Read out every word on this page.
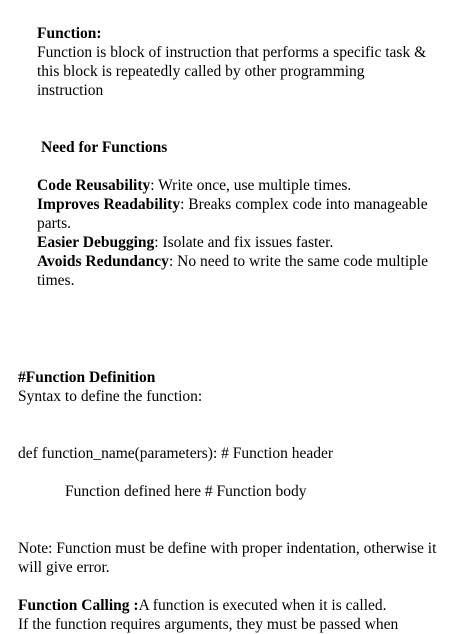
Function:
Function is block of instruction that performs a specific task &
this block is repeatedly called by other programming
instruction
Need for Functions
Code Reusability: Write once, use multiple times.
Improves Readability: Breaks complex code into manageable
parts.
Easier Debugging: Isolate and fix issues faster.
Avoids Redundancy: No need to write the same code multiple
times.
#Function Definition
Syntax to define the function:
def function_name(parameters): # Function header
Function defined here # Function body
Note: Function must be define with proper indentation, otherwise it
will give error.
Function Calling :A function is executed when it is called.
If the function requires arguments, they must be passed when
